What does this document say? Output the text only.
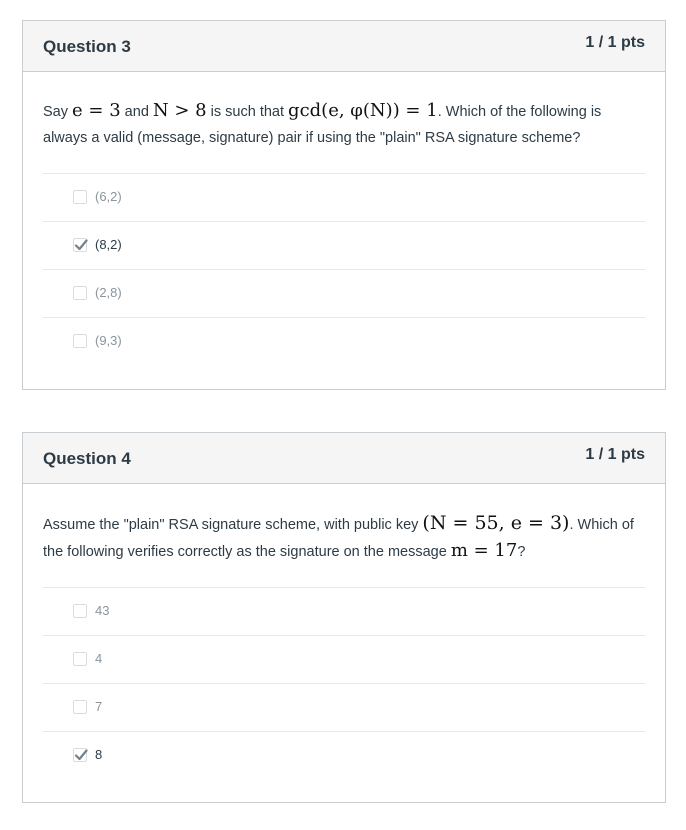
Question 3	1 / 1 pts
Say e = 3 and N > 8 is such that gcd(e, φ(N)) = 1. Which of the following is always a valid (message, signature) pair if using the "plain" RSA signature scheme?
(6,2)
(8,2)
(2,8)
(9,3)
Question 4	1 / 1 pts
Assume the "plain" RSA signature scheme, with public key (N = 55, e = 3). Which of the following verifies correctly as the signature on the message m = 17?
43
4
7
8
